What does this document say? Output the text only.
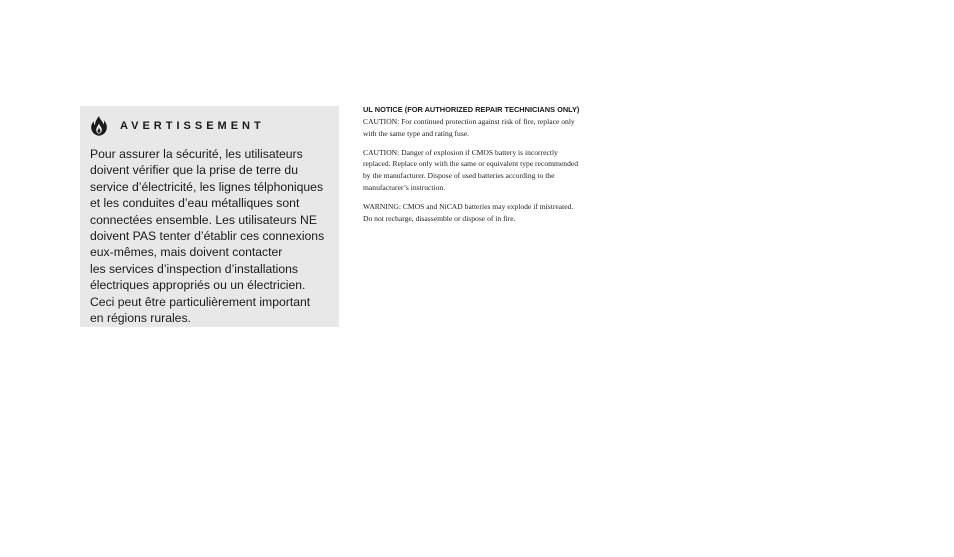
AVERTISSEMENT

Pour assurer la sécurité, les utilisateurs
doivent vérifier que la prise de terre du
service d’électricité, les lignes télphoniques
et les conduites d’eau métalliques sont
connectées ensemble. Les utilisateurs NE
doivent PAS tenter d’établir ces connexions
eux-mêmes, mais doivent contacter
les services d’inspection d’installations
électriques appropriés ou un électricien.
Ceci peut être particulièrement important
en régions rurales.

UL NOTICE (FOR AUTHORIZED REPAIR TECHNICIANS ONLY)

CAUTION: For continued protection against risk of fire, replace only
with the same type and rating fuse.

CAUTION: Danger of explosion if CMOS battery is incorrectly
replaced. Replace only with the same or equivalent type recommended
by the manufacturer. Dispose of used batteries according to the
manufacturer’s instruction.

WARNING: CMOS and NiCAD batteries may explode if mistreated.
Do not recharge, disassemble or dispose of in fire.
